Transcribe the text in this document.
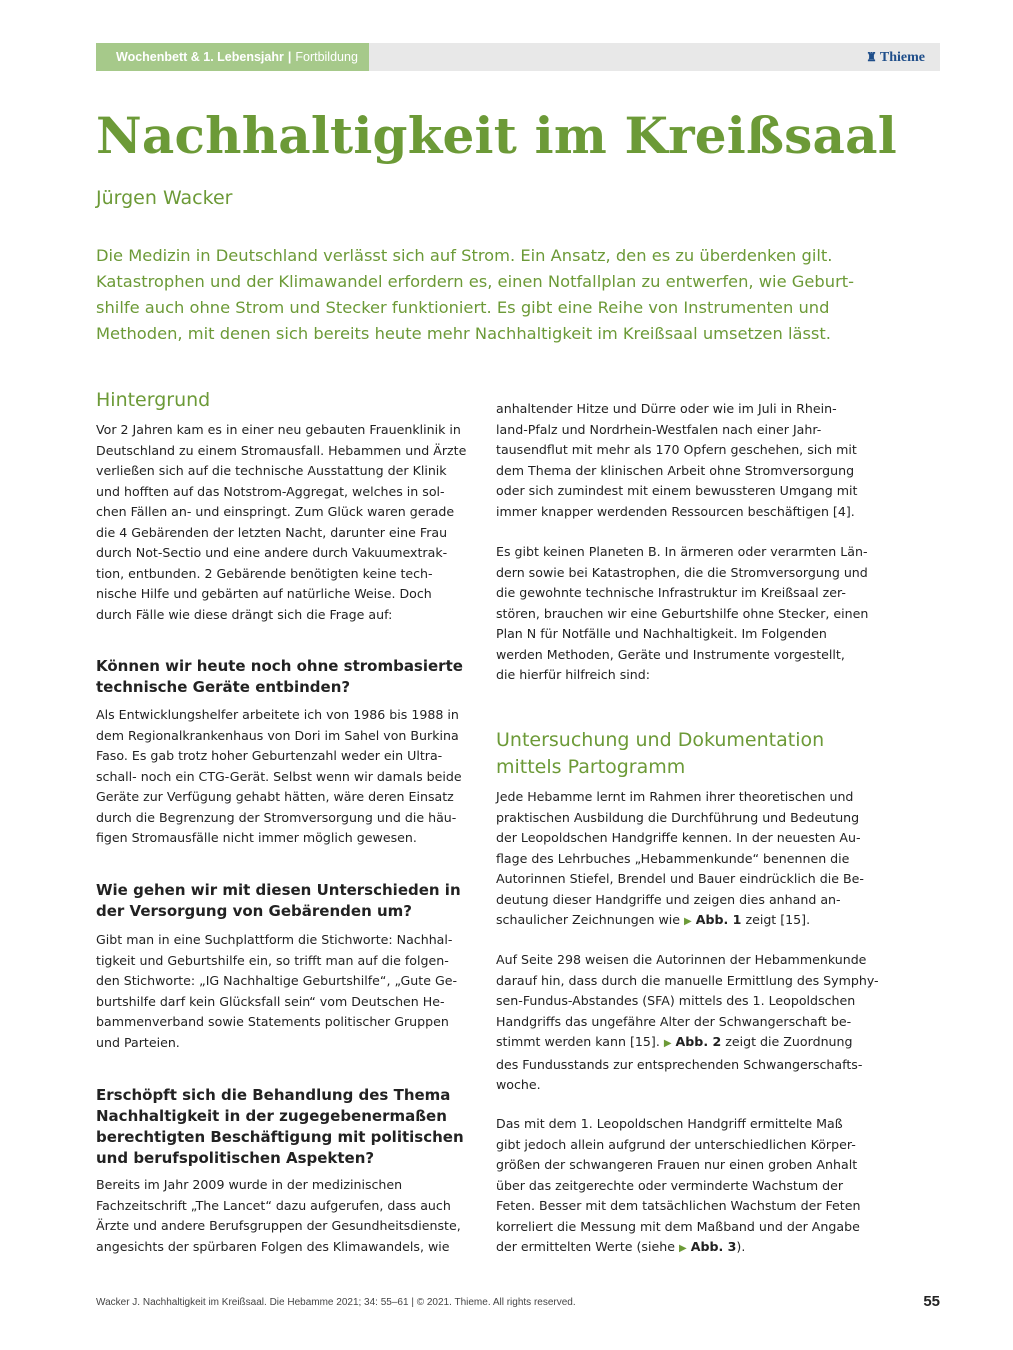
Wochenbett & 1. Lebensjahr | Fortbildung	♜ Thieme
Nachhaltigkeit im Kreißsaal
Jürgen Wacker
Die Medizin in Deutschland verlässt sich auf Strom. Ein Ansatz, den es zu überdenken gilt.
Katastrophen und der Klimawandel erfordern es, einen Notfallplan zu entwerfen, wie Geburt-
shilfe auch ohne Strom und Stecker funktioniert. Es gibt eine Reihe von Instrumenten und
Methoden, mit denen sich bereits heute mehr Nachhaltigkeit im Kreißsaal umsetzen lässt.
Hintergrund
Vor 2 Jahren kam es in einer neu gebauten Frauenklinik in
Deutschland zu einem Stromausfall. Hebammen und Ärzte
verließen sich auf die technische Ausstattung der Klinik
und hofften auf das Notstrom-Aggregat, welches in sol-
chen Fällen an- und einspringt. Zum Glück waren gerade
die 4 Gebärenden der letzten Nacht, darunter eine Frau
durch Not-Sectio und eine andere durch Vakuumextrak-
tion, entbunden. 2 Gebärende benötigten keine tech-
nische Hilfe und gebärten auf natürliche Weise. Doch
durch Fälle wie diese drängt sich die Frage auf:
Können wir heute noch ohne strombasierte
technische Geräte entbinden?
Als Entwicklungshelfer arbeitete ich von 1986 bis 1988 in
dem Regionalkrankenhaus von Dori im Sahel von Burkina
Faso. Es gab trotz hoher Geburtenzahl weder ein Ultra-
schall- noch ein CTG-Gerät. Selbst wenn wir damals beide
Geräte zur Verfügung gehabt hätten, wäre deren Einsatz
durch die Begrenzung der Stromversorgung und die häu-
figen Stromausfälle nicht immer möglich gewesen.
Wie gehen wir mit diesen Unterschieden in
der Versorgung von Gebärenden um?
Gibt man in eine Suchplattform die Stichworte: Nachhal-
tigkeit und Geburtshilfe ein, so trifft man auf die folgen-
den Stichworte: „IG Nachhaltige Geburtshilfe“, „Gute Ge-
burtshilfe darf kein Glücksfall sein“ vom Deutschen He-
bammenverband sowie Statements politischer Gruppen
und Parteien.
Erschöpft sich die Behandlung des Thema
Nachhaltigkeit in der zugegebenermaßen
berechtigten Beschäftigung mit politischen
und berufspolitischen Aspekten?
Bereits im Jahr 2009 wurde in der medizinischen
Fachzeitschrift „The Lancet“ dazu aufgerufen, dass auch
Ärzte und andere Berufsgruppen der Gesundheitsdienste,
angesichts der spürbaren Folgen des Klimawandels, wie
anhaltender Hitze und Dürre oder wie im Juli in Rhein-
land-Pfalz und Nordrhein-Westfalen nach einer Jahr-
tausendflut mit mehr als 170 Opfern geschehen, sich mit
dem Thema der klinischen Arbeit ohne Stromversorgung
oder sich zumindest mit einem bewussteren Umgang mit
immer knapper werdenden Ressourcen beschäftigen [4].
Es gibt keinen Planeten B. In ärmeren oder verarmten Län-
dern sowie bei Katastrophen, die die Stromversorgung und
die gewohnte technische Infrastruktur im Kreißsaal zer-
stören, brauchen wir eine Geburtshilfe ohne Stecker, einen
Plan N für Notfälle und Nachhaltigkeit. Im Folgenden
werden Methoden, Geräte und Instrumente vorgestellt,
die hierfür hilfreich sind:
Untersuchung und Dokumentation
mittels Partogramm
Jede Hebamme lernt im Rahmen ihrer theoretischen und
praktischen Ausbildung die Durchführung und Bedeutung
der Leopoldschen Handgriffe kennen. In der neuesten Au-
flage des Lehrbuches „Hebammenkunde“ benennen die
Autorinnen Stiefel, Brendel und Bauer eindrücklich die Be-
deutung dieser Handgriffe und zeigen dies anhand an-
schaulicher Zeichnungen wie ▶ Abb. 1 zeigt [15].
Auf Seite 298 weisen die Autorinnen der Hebammenkunde
darauf hin, dass durch die manuelle Ermittlung des Symphy-
sen-Fundus-Abstandes (SFA) mittels des 1. Leopoldschen
Handgriffs das ungefähre Alter der Schwangerschaft be-
stimmt werden kann [15]. ▶ Abb. 2 zeigt die Zuordnung
des Fundusstands zur entsprechenden Schwangerschafts-
woche.
Das mit dem 1. Leopoldschen Handgriff ermittelte Maß
gibt jedoch allein aufgrund der unterschiedlichen Körper-
größen der schwangeren Frauen nur einen groben Anhalt
über das zeitgerechte oder verminderte Wachstum der
Feten. Besser mit dem tatsächlichen Wachstum der Feten
korreliert die Messung mit dem Maßband und der Angabe
der ermittelten Werte (siehe ▶ Abb. 3).
Wacker J. Nachhaltigkeit im Kreißsaal. Die Hebamme 2021; 34: 55–61 | © 2021. Thieme. All rights reserved.	55
